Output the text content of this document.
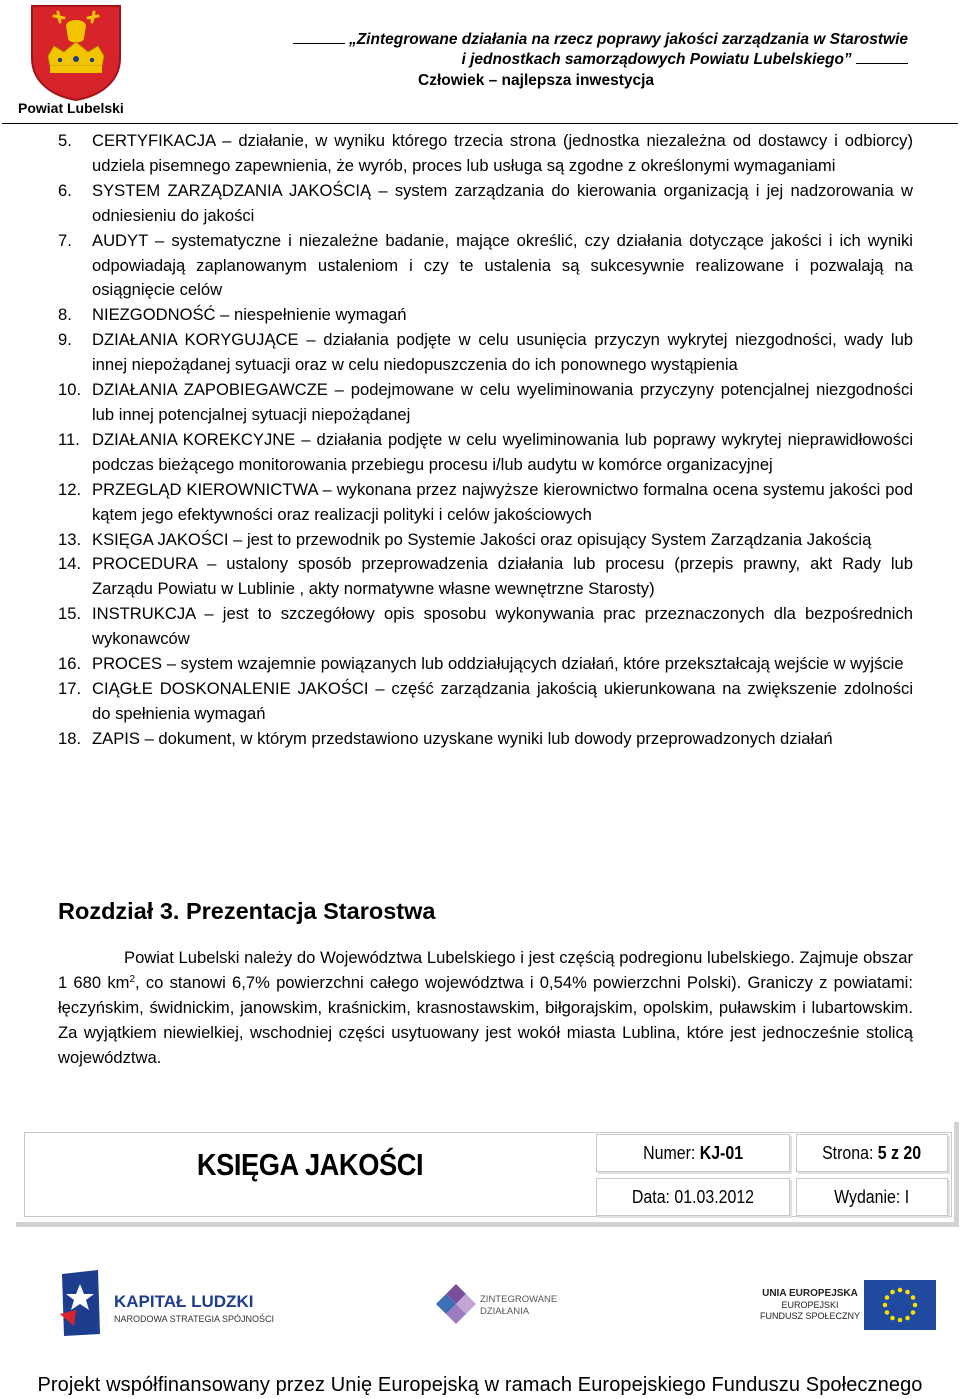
Powiat Lubelski
„Zintegrowane działania na rzecz poprawy jakości zarządzania w Starostwie
i jednostkach samorządowych Powiatu Lubelskiego”
Człowiek – najlepsza inwestycja
5. CERTYFIKACJA – działanie, w wyniku którego trzecia strona (jednostka niezależna od dostawcy i odbiorcy) udziela pisemnego zapewnienia, że wyrób, proces lub usługa są zgodne z określonymi wymaganiami
6. SYSTEM ZARZĄDZANIA JAKOŚCIĄ – system zarządzania do kierowania organizacją i jej nadzorowania w odniesieniu do jakości
7. AUDYT – systematyczne i niezależne badanie, mające określić, czy działania dotyczące jakości i ich wyniki odpowiadają zaplanowanym ustaleniom i czy te ustalenia są sukcesywnie realizowane i pozwalają na osiągnięcie celów
8. NIEZGODNOŚĆ – niespełnienie wymagań
9. DZIAŁANIA KORYGUJĄCE – działania podjęte w celu usunięcia przyczyn wykrytej niezgodności, wady lub innej niepożądanej sytuacji oraz w celu niedopuszczenia do ich ponownego wystąpienia
10. DZIAŁANIA ZAPOBIEGAWCZE – podejmowane w celu wyeliminowania przyczyny potencjalnej niezgodności lub innej potencjalnej sytuacji niepożądanej
11. DZIAŁANIA KOREKCYJNE – działania podjęte w celu wyeliminowania lub poprawy wykrytej nieprawidłowości podczas bieżącego monitorowania przebiegu procesu i/lub audytu w komórce organizacyjnej
12. PRZEGLĄD KIEROWNICTWA – wykonana przez najwyższe kierownictwo formalna ocena systemu jakości pod kątem jego efektywności oraz realizacji polityki i celów jakościowych
13. KSIĘGA JAKOŚCI – jest to przewodnik po Systemie Jakości oraz opisujący System Zarządzania Jakością
14. PROCEDURA – ustalony sposób przeprowadzenia działania lub procesu (przepis prawny, akt Rady lub Zarządu Powiatu w Lublinie , akty normatywne własne wewnętrzne Starosty)
15. INSTRUKCJA – jest to szczegółowy opis sposobu wykonywania prac przeznaczonych dla bezpośrednich wykonawców
16. PROCES – system wzajemnie powiązanych lub oddziałujących działań, które przekształcają wejście w wyjście
17. CIĄGŁE DOSKONALENIE JAKOŚCI – część zarządzania jakością ukierunkowana na zwiększenie zdolności do spełnienia wymagań
18. ZAPIS – dokument, w którym przedstawiono uzyskane wyniki lub dowody przeprowadzonych działań
Rozdział 3. Prezentacja Starostwa

Powiat Lubelski należy do Województwa Lubelskiego i jest częścią podregionu lubelskiego. Zajmuje obszar 1 680 $km^2$, co stanowi 6,7% powierzchni całego województwa i 0,54% powierzchni Polski). Graniczy z powiatami: łęczyńskim, świdnickim, janowskim, kraśnickim, krasnostawskim, biłgorajskim, opolskim, puławskim i lubartowskim. Za wyjątkiem niewielkiej, wschodniej części usytuowany jest wokół miasta Lublina, które jest jednocześnie stolicą województwa.

KSIĘGA JAKOŚCI	Numer: KJ-01	Strona: 5 z 20
Data: 01.03.2012	Wydanie: I
KAPITAŁ LUDZKI
NARODOWA STRATEGIA SPÓJNOŚCI
ZINTEGROWANE
DZIAŁANIA
UNIA EUROPEJSKA
EUROPEJSKI
FUNDUSZ SPOŁECZNY
Projekt współfinansowany przez Unię Europejską w ramach Europejskiego Funduszu Społecznego
